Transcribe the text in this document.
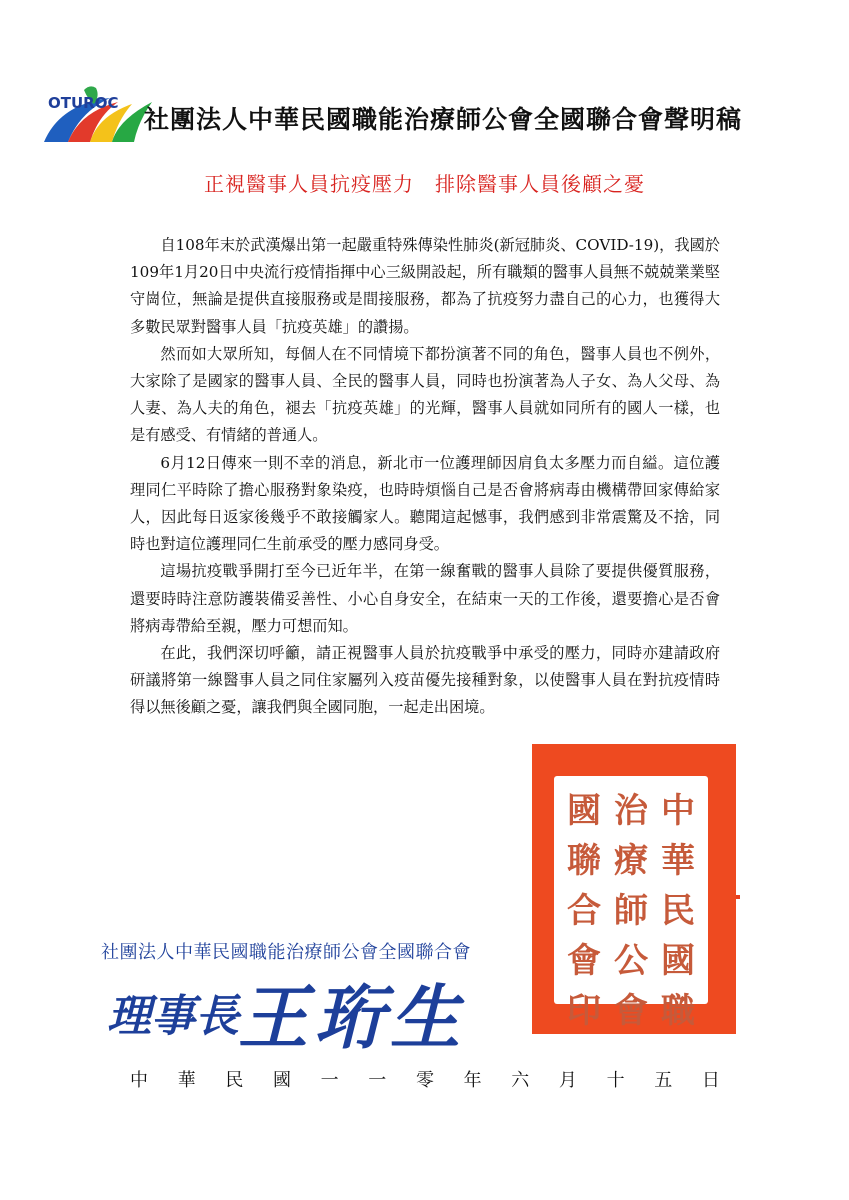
OTUROC
社團法人中華民國職能治療師公會全國聯合會聲明稿
正視醫事人員抗疫壓力　排除醫事人員後顧之憂

自108年末於武漢爆出第一起嚴重特殊傳染性肺炎(新冠肺炎、COVID-19)，我國於109年1月20日中央流行疫情指揮中心三級開設起，所有職類的醫事人員無不兢兢業業堅守崗位，無論是提供直接服務或是間接服務，都為了抗疫努力盡自己的心力，也獲得大多數民眾對醫事人員「抗疫英雄」的讚揚。

然而如大眾所知，每個人在不同情境下都扮演著不同的角色，醫事人員也不例外，大家除了是國家的醫事人員、全民的醫事人員，同時也扮演著為人子女、為人父母、為人妻、為人夫的角色，褪去「抗疫英雄」的光輝，醫事人員就如同所有的國人一樣，也是有感受、有情緒的普通人。

6月12日傳來一則不幸的消息，新北市一位護理師因肩負太多壓力而自縊。這位護理同仁平時除了擔心服務對象染疫，也時時煩惱自己是否會將病毒由機構帶回家傳給家人，因此每日返家後幾乎不敢接觸家人。聽聞這起憾事，我們感到非常震驚及不捨，同時也對這位護理同仁生前承受的壓力感同身受。

這場抗疫戰爭開打至今已近年半，在第一線奮戰的醫事人員除了要提供優質服務，還要時時注意防護裝備妥善性、小心自身安全，在結束一天的工作後，還要擔心是否會將病毒帶給至親，壓力可想而知。

在此，我們深切呼籲，請正視醫事人員於抗疫戰爭中承受的壓力，同時亦建請政府研議將第一線醫事人員之同住家屬列入疫苗優先接種對象，以使醫事人員在對抗疫情時得以無後顧之憂，讓我們與全國同胞，一起走出困境。

中
華
民
國
職
治
療
師
公
會
國
聯
合
會
印
社團法人中華民國職能治療師公會全國聯合會
理事長 王珩生
中 華 民 國 一 一 零 年 六 月 十 五 日
